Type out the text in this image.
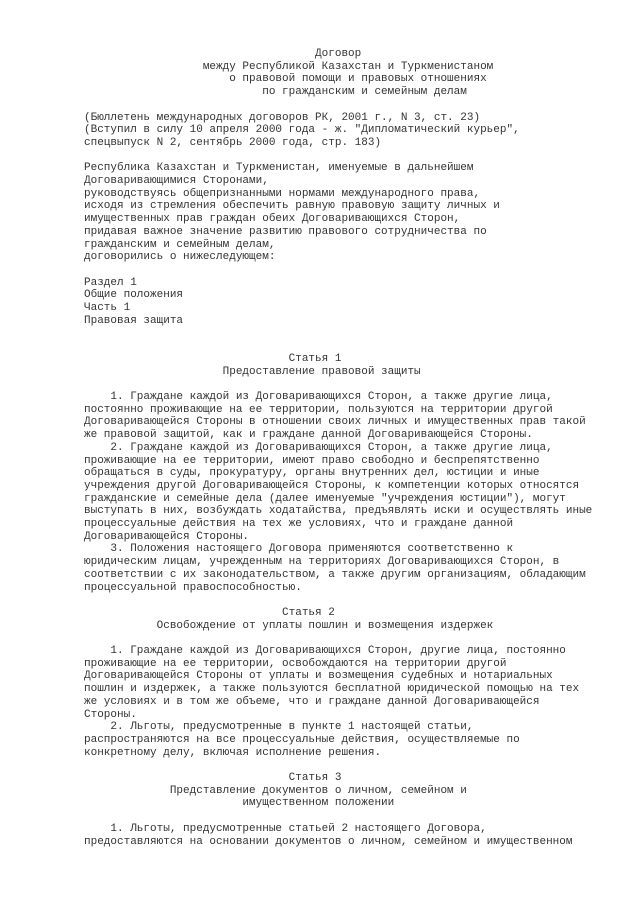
Договор
между Республикой Казахстан и Туркменистаном
о правовой помощи и правовых отношениях
по гражданским и семейным делам

(Бюллетень международных договоров РК, 2001 г., N 3, ст. 23)
(Вступил в силу 10 апреля 2000 года - ж. "Дипломатический курьер",
спецвыпуск N 2, сентябрь 2000 года, стр. 183)

Республика Казахстан и Туркменистан, именуемые в дальнейшем
Договаривающимися Сторонами,
руководствуясь общепризнанными нормами международного права,
исходя из стремления обеспечить равную правовую защиту личных и
имущественных прав граждан обеих Договаривающихся Сторон,
придавая важное значение развитию правового сотрудничества по
гражданским и семейным делам,
договорились о нижеследующем:

Раздел 1
Общие положения
Часть 1
Правовая защита

Статья 1
Предоставление правовой защиты

1. Граждане каждой из Договаривающихся Сторон, а также другие лица,
постоянно проживающие на ее территории, пользуются на территории другой
Договаривающейся Стороны в отношении своих личных и имущественных прав такой
же правовой защитой, как и граждане данной Договаривающейся Стороны.
2. Граждане каждой из Договаривающихся Сторон, а также другие лица,
проживающие на ее территории, имеют право свободно и беспрепятственно
обращаться в суды, прокуратуру, органы внутренних дел, юстиции и иные
учреждения другой Договаривающейся Стороны, к компетенции которых относятся
гражданские и семейные дела (далее именуемые "учреждения юстиции"), могут
выступать в них, возбуждать ходатайства, предъявлять иски и осуществлять иные
процессуальные действия на тех же условиях, что и граждане данной
Договаривающейся Стороны.
3. Положения настоящего Договора применяются соответственно к
юридическим лицам, учрежденным на территориях Договаривающихся Сторон, в
соответствии с их законодательством, а также другим организациям, обладающим
процессуальной правоспособностью.

Статья 2
Освобождение от уплаты пошлин и возмещения издержек

1. Граждане каждой из Договаривающихся Сторон, другие лица, постоянно
проживающие на ее территории, освобождаются на территории другой
Договаривающейся Стороны от уплаты и возмещения судебных и нотариальных
пошлин и издержек, а также пользуются бесплатной юридической помощью на тех
же условиях и в том же объеме, что и граждане данной Договаривающейся
Стороны.
2. Льготы, предусмотренные в пункте 1 настоящей статьи,
распространяются на все процессуальные действия, осуществляемые по
конкретному делу, включая исполнение решения.

Статья 3
Представление документов о личном, семейном и
имущественном положении

1. Льготы, предусмотренные статьей 2 настоящего Договора,
предоставляются на основании документов о личном, семейном и имущественном
